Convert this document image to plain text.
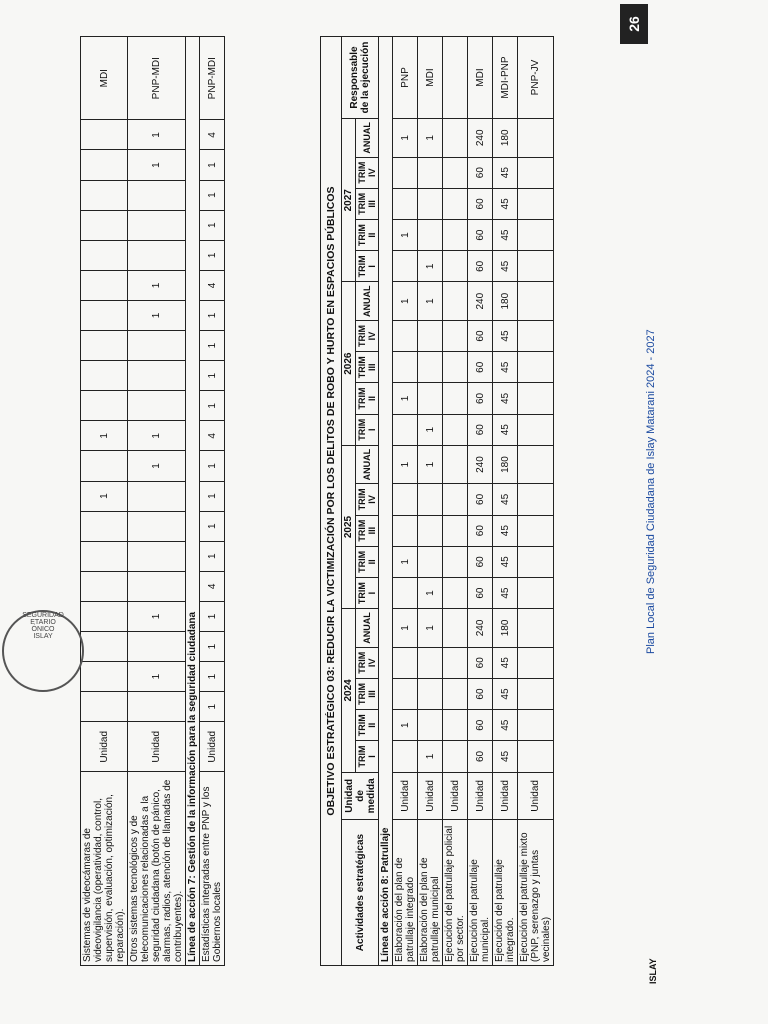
Sistemas de videocámaras de videovigilancia (operatividad, control, supervisión, evaluación, optimización, reparación).	Unidad								1		1											MDI
Otros sistemas tecnológicos y de telecomunicaciones relacionadas a la seguridad ciudadana (botón de pánico, alarmas, radios, atención de llamadas de contribuyentes).	Unidad		1		1					1	1				1	1				1	1	PNP-MDI
Línea de acción 7: Gestión de la información para la seguridad ciudadana																						
Estadísticas integradas entre PNP y los Gobiernos locales	Unidad	1	1	1	1	4	1	1	1	1	4	1	1	1	1	4	1	1	1	1	4	PNP-MDI
OBJETIVO ESTRATÉGICO 03: REDUCIR LA VICTIMIZACIÓN POR LOS DELITOS DE ROBO Y HURTO EN ESPACIOS PÚBLICOS																						
Actividades estratégicas	Unidad de medida	2024					2025					2026					2027					Responsable de la ejecución
		TRIM I	TRIM II	TRIM III	TRIM IV	ANUAL	TRIM I	TRIM II	TRIM III	TRIM IV	ANUAL	TRIM I	TRIM II	TRIM III	TRIM IV	ANUAL	TRIM I	TRIM II	TRIM III	TRIM IV	ANUAL	
Línea de acción 8: Patrullaje																						
Elaboración del plan de patrullaje integrado	Unidad		1			1		1			1		1			1		1			1	PNP
Elaboración del plan de patrullaje municipal	Unidad	1				1	1				1	1				1	1				1	MDI
Ejecución del patrullaje policial por sector.	Unidad																					
Ejecución del patrullaje municipal.	Unidad	60	60	60	60	240	60	60	60	60	240	60	60	60	60	240	60	60	60	60	240	MDI
Ejecución del patrullaje integrado.	Unidad	45	45	45	45	180	45	45	45	45	180	45	45	45	45	180	45	45	45	45	180	MDI-PNP
Ejecución del patrullaje mixto (PNP, serenazgo y juntas vecinales)	Unidad																					PNP-JV
Plan Local de Seguridad Ciudadana de Islay Matarani 2024 - 2027
26
ISLAY
SEGURIDAD
ETARIO
ÓNICO
ISLAY
